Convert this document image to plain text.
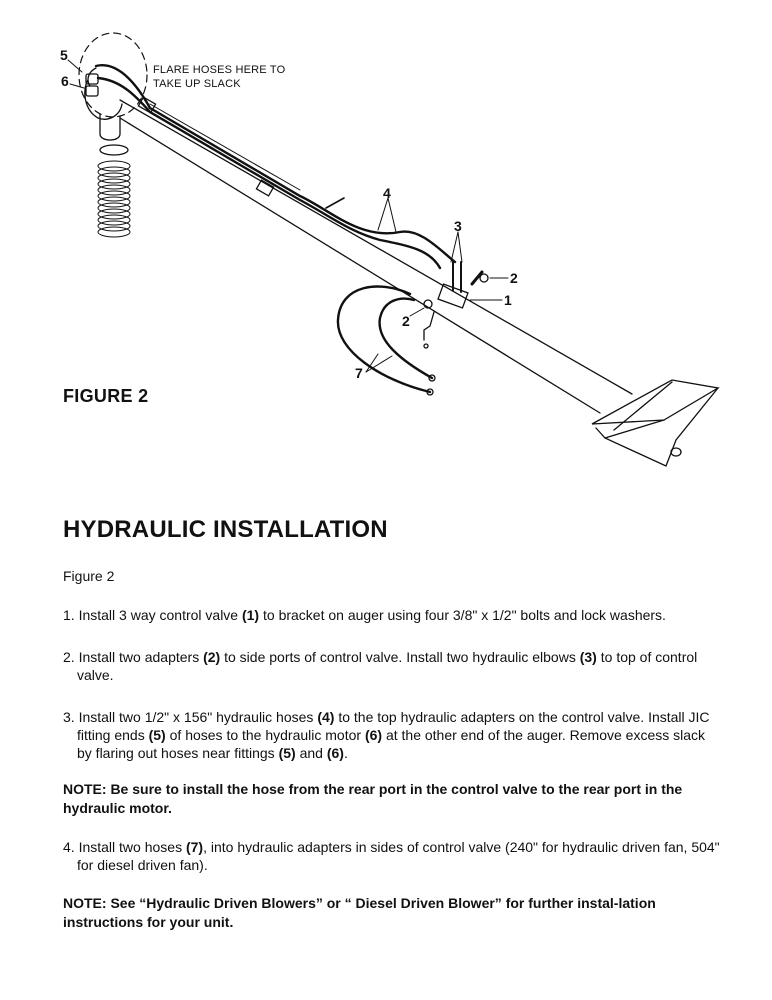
5
6
4
3
2
1
2
7
FLARE HOSES HERE TO
TAKE UP SLACK
FIGURE 2
HYDRAULIC INSTALLATION
Figure 2
1. Install 3 way control valve (1) to bracket on auger using four 3/8" x 1/2" bolts and lock washers.
2. Install two adapters (2) to side ports of control valve. Install two hydraulic elbows (3) to top of control valve.
3. Install two 1/2" x 156" hydraulic hoses (4) to the top hydraulic adapters on the control valve. Install JIC fitting ends (5) of hoses to the hydraulic motor (6) at the other end of the auger. Remove excess slack by flaring out hoses near fittings (5) and (6).
NOTE: Be sure to install the hose from the rear port in the control valve to the rear port in the hydraulic motor.
4. Install two hoses (7), into hydraulic adapters in sides of control valve (240" for hydraulic driven fan, 504" for diesel driven fan).
NOTE: See “Hydraulic Driven Blowers” or “ Diesel Driven Blower” for further instal-lation instructions for your unit.
